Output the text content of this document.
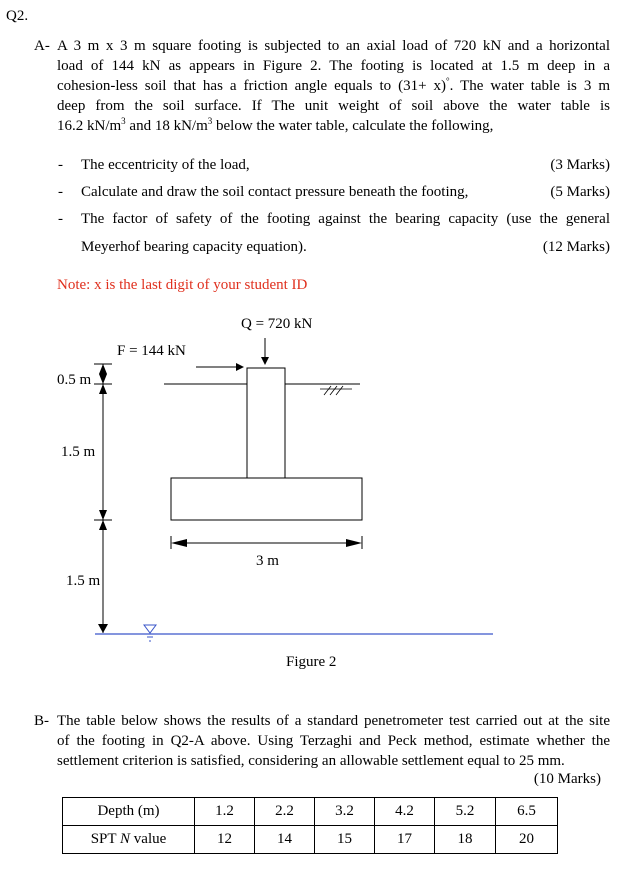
Q2.
A- A 3 m x 3 m square footing is subjected to an axial load of 720 kN and a horizontal
load of 144 kN as appears in Figure 2. The footing is located at 1.5 m deep in a
cohesion-less soil that has a friction angle equals to (31+ x)°. The water table is 3 m
deep from the soil surface. If The unit weight of soil above the water table is
16.2 $kN/m^3$ and 18 $kN/m^3$ below the water table, calculate the following,
- The eccentricity of the load,	(3 Marks)
- Calculate and draw the soil contact pressure beneath the footing,	(5 Marks)
- The factor of safety of the footing against the bearing capacity (use the general
Meyerhof bearing capacity equation).	(12 Marks)
Note: x is the last digit of your student ID
Q = 720 kN
F = 144 kN
0.5 m
1.5 m
1.5 m
3 m
Figure 2
B- The table below shows the results of a standard penetrometer test carried out at the site
of the footing in Q2-A above. Using Terzaghi and Peck method, estimate whether the
settlement criterion is satisfied, considering an allowable settlement equal to 25 mm.
(10 Marks)
Depth (m)	1.2	2.2	3.2	4.2	5.2	6.5
SPT N value	12	14	15	17	18	20
